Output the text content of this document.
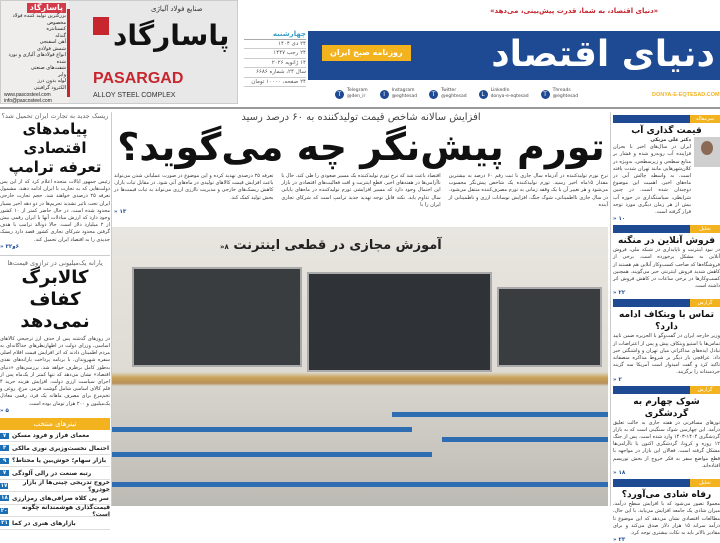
پاسارگاد
بزرگترین تولید کننده فولاد مخصوص
کنستانتره
گندله
آهن اسفنجی
شمش فولادی
انواع فولادهای آلیاژی و نورد شده
شفت‌های صنعتی
وایر
لوله بدون درز
الکترود گرافیتی
www.pascosteel.com
info@pascosteel.com
صنایع فولاد آلیاژی
پاسارگاد
PASARGAD
ALLOY STEEL COMPLEX
«دنیای اقتصاد، به شما، قدرت پیش‌بینی، می‌دهد»
دنیای اقتصاد
روزنامه صبح ایران
چهارشنبه
۲۴ دی ۱۴۰۴
۲۴ رجب ۱۴۴۷
۱۴ ژانویه ۲۰۲۶
سال ۲۴، شماره ۶۶۸۶
۲۴ صفحه، ۱۰۰۰۰ تومان
T	Telegram
@den_ir	I	Instagram
@eghtesad	T	Twitter
@eghtesad	L	LinkedIn
donya-e-eqtesad	T	Threads
@eghtesad	DONYA-E-EQTESAD.COM
ریسک جدید به تجارت ایران تحمیل شد؟
پیامدهای اقتصادی تعرفه ترامپ
رئیس جمهور ایالات متحده اعلام کرد که از این پس دولت‌هایی که به تجارت با ایران ادامه دهند، مشمول تعرفه ۲۵ درصدی خواهند شد. حجم تجارت خارجی ایران تحت تاثیر تشدید تحریم‌ها در دو دهه اخیر بسیار محدود شده است. در حال حاضر کمتر از ۱۰ کشور وجود دارد که ارزش مبادلات آنها با ایران رقمی بیش از ۲ میلیارد دلار است. حالا دونالد ترامپ با هدف گرفتن محدود شرکای تجاری کشور قصد دارد ریسک جدیدی را به اقتصاد ایران تحمیل کند.
۶و۳۲ «
یارانه یک‌میلیونی در ترازوی قیمت‌ها
کالابرگ کفاف نمی‌دهد
در روزهای گذشته پس از حذف ارز ترجیحی کالاهای اساسی، وزرای دولت در اظهارنظرهای جداگانه‌ای به مردم اطمینان دادند که اثر افزایش قیمت اقلام اصلی سفره شهروندان، با برنامه پرداخت یارانه‌های نقدی به‌طور کامل برطرف خواهد شد. بررسی‌های «دنیای اقتصاد» نشان می‌دهد که تنها کمتر از یک‌ماه پس از اجرای سیاست ارزی دولت، افزایش هزینه خرید ۴ قلم کالای اساسی شامل گوشت قرمز، مرغ، روغن و تخم‌مرغ برای مصرف ماهانه یک فرد، رقمی معادل یک‌میلیون و ۲۰۰ هزار تومان بوده است.
۵ «
تیترهای منتخب
۷ معمای فراز و فرود مسکن
۴ احتمال نخست‌وزیری نوری مالکی
۹ بازار سهام؛ خوش‌بین یا محتاط؟
۷ رتبه صنعت در رالی آلودگی
۱۷	خروج تدریجی چینی‌ها از بازار خودرو؟
۱۸ سر پی کلاه صرافی‌های رمزارزی
۲۰	قیمت‌گذاری هوشمندانه چگونه است؟
۲۱ بازارهای هنری در کما
افزایش سالانه شاخص قیمت تولیدکننده به ۶۰ درصد رسید
تورم پیش‌نگر چه می‌گوید؟
نرخ تورم تولیدکننده در آذرماه سال جاری با ثبت رقم ۶۰ درصد به بیشترین مقدار ۱۵ماه اخیر رسید. تورم تولیدکننده یک شاخص پیش‌نگر محسوب می‌شود و هر تغییر آن با یک وقفه زمانی به تورم مصرف‌کننده منتقل می‌شود. در سال جاری نااطمینانی، شوک جنگ، افزایش نوسانات ارزی و ناطمینانی از آینده
اقتصاد باعث شد که نرخ تورم تولیدکننده یک مسیر صعودی را طی کند. حال با ناآرامی‌ها در هفته‌های اخیر، قطع اینترنت و افت فعالیت‌های اقتصادی در بازار این احتمال وجود دارد که مسیر افزایشی تورم تولیدکننده در ماه‌های پایانی سال تداوم یابد. نکته قابل توجه تهدید جدید ترامپ است که شرکای تجاری ایران را با
تعرفه ۲۵ درصدی تهدید کرده و این موضوع در صورت عملیاتی شدن می‌تواند باعث افزایش قیمت کالاهای تولیدی در ماه‌های آتی شود. در مقابل ثبات بازار، کاهش ریسک‌های خارجی و مدیریت نااززی ارزی می‌تواند به ثبات قیمت‌ها در بخش تولید کمک کند.
۱۳ «
آموزش مجازی در قطعی اینترنت ۸«
سرمقاله
قیمت گذاری آب
دکتر علی مزیکی
ایران در سال‌های اخیر با بحران فزاینده آب روبه‌رو شده و فشار بر منابع سطحی و زیرسطحی، به‌ویژه در کلان‌شهرهایی مانند تهران شدت یافته است. به واسطه چالش آبی در ماه‌های اخیر، اهمیت این موضوع دوچندان شده است. در چنین شرایطی، سیاستگذاری در حوزه آب بیش از هر زمان دیگری مورد توجه قرار گرفته است.
۱۰ «
تحلیل
فروش آنلاین در منگنه
در نبود اینترنت و ناپایداری در شبکه ملی، فروش آنلاین به مشکل برخورده است. برخی از فروشگاه‌ها که صاحب کسب‌وکار آنلاین هم هستند از کاهش شدید فروش اینترنتی خبر می‌گویند. همچنین کسب‌وکارها در برخی ساعات در کاهش فروش اثر داشته است.
۲۲ «
گزارش
تماس با ویتکاف ادامه دارد؟
وزیر خارجه ایران در گفت‌وگو با الجزیره ضمن تایید تماس‌ها با استیو ویتکاف پیش و پس از اعتراضات از تبادل ایده‌های مذاکراتی میان تهران و واشنگتن خبر داد. عراقچی بار دیگر بر شروط مذاکره منصفانه تاکید کرد و گفت امیدوار است آمریکا سه گزینه خردمندانه را برگزیند.
۲ «
گزارش
شوک چهارم به گردشگری
تورهای مسافرتی در هفته جاری به حالت تعلیق درآمد. این چهارمین شوک سنگینی است که به بازار گردشگری ۱۴۰۴-۱۴۰۳ وارد شده است. پس از جنگ ۱۲ روزه و کرونا، گردشگری اکنون با ناآرامی‌ها مشکل گرفته است. فعالان این بازار در مواجهه با قطع مواضع سفر به فکر خروج از بخش توریسم افتاده‌اند.
۱۸ «
تحلیل
رفاه شادی می‌آورد؟
معمولا تصور می‌شود که با افزایش سطح درآمد، میزان شادی یک جامعه افزایش می‌یابد. با این حال، مطالعات اقتصادی نشان می‌دهد که این موضوع تا درآمد سرانه ۱۵ هزار دلار صدق می‌کند و برای مقادیر بالاتر باید به نکات بیشتری توجه کرد.
۲۳ «
